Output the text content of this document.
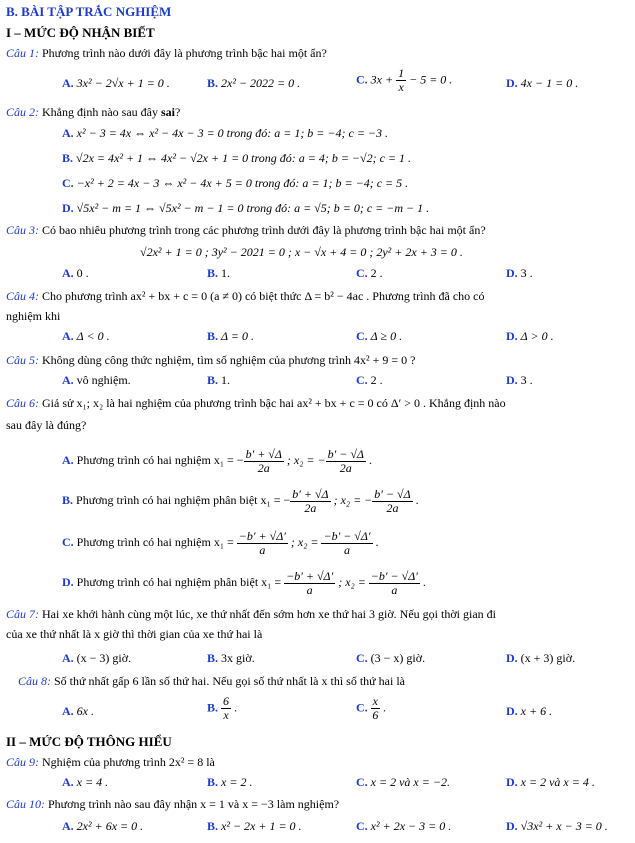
B. BÀI TẬP TRẮC NGHIỆM
I – MỨC ĐỘ NHẬN BIẾT
Câu 1: Phương trình nào dưới đây là phương trình bậc hai một ẩn?
A. 3x² − 2√x + 1 = 0 .	B. 2x² − 2022 = 0 .	C. $3x + \frac{1}{x} - 5 = 0$ .	D. 4x − 1 = 0 .
Câu 2: Khẳng định nào sau đây sai?
A. x² − 3 = 4x ⇔ x² − 4x − 3 = 0 trong đó: a = 1; b = −4; c = −3 .
B. √2x = 4x² + 1 ⇔ 4x² − √2x + 1 = 0 trong đó: a = 4; b = −√2; c = 1 .
C. −x² + 2 = 4x − 3 ⇔ x² − 4x + 5 = 0 trong đó: a = 1; b = −4; c = 5 .
D. √5x² − m = 1 ⇔ √5x² − m − 1 = 0 trong đó: a = √5; b = 0; c = −m − 1 .
Câu 3: Có bao nhiêu phương trình trong các phương trình dưới đây là phương trình bậc hai một ẩn?
√2x² + 1 = 0 ; 3y² − 2021 = 0 ; x − √x + 4 = 0 ; 2y² + 2x + 3 = 0 .
A. 0 .	B. 1.	C. 2 .	D. 3 .
Câu 4: Cho phương trình ax² + bx + c = 0 (a ≠ 0) có biệt thức Δ = b² − 4ac . Phương trình đã cho có
nghiệm khi
A. Δ < 0 .	B. Δ = 0 .	C. Δ ≥ 0 .	D. Δ > 0 .
Câu 5: Không dùng công thức nghiệm, tìm số nghiệm của phương trình 4x² + 9 = 0 ?
A. vô nghiệm.	B. 1.	C. 2 .	D. 3 .
Câu 6: Giả sử x₁; x₂ là hai nghiệm của phương trình bậc hai ax² + bx + c = 0 có Δ′ > 0 . Khẳng định nào
sau đây là đúng?
A. Phương trình có hai nghiệm x₁ = − $\frac{b' + √\Delta}{2a}$ ; x₂ = − $\frac{b' - √\Delta}{2a}$ .
B. Phương trình có hai nghiệm phân biệt x₁ = − $\frac{b' + √\Delta}{2a}$ ; x₂ = − $\frac{b' - √\Delta}{2a}$ .
C. Phương trình có hai nghiệm $x_1 = \frac{-b' + √\Delta'}{a}$ ; $x_2 = \frac{-b' - √\Delta'}{a}$ .
D. Phương trình có hai nghiệm phân biệt $x_1 = \frac{-b' + √\Delta'}{a}$ ; $x_2 = \frac{-b' - √\Delta'}{a}$ .
Câu 7: Hai xe khởi hành cùng một lúc, xe thứ nhất đến sớm hơn xe thứ hai 3 giờ. Nếu gọi thời gian đi
của xe thứ nhất là x giờ thì thời gian của xe thứ hai là
A. (x − 3) giờ.	B. 3x giờ.	C. (3 − x) giờ.	D. (x + 3) giờ.
Câu 8: Số thứ nhất gấp 6 lần số thứ hai. Nếu gọi số thứ nhất là x thì số thứ hai là
A. 6x .	B. $\frac{6}{x}$ .	C. $\frac{x}{6}$ .	D. x + 6 .
II – MỨC ĐỘ THÔNG HIỂU
Câu 9: Nghiệm của phương trình 2x² = 8 là
A. x = 4 .	B. x = 2 .	C. x = 2 và x = −2.	D. x = 2 và x = 4 .
Câu 10: Phương trình nào sau đây nhận x = 1 và x = −3 làm nghiệm?
A. 2x² + 6x = 0 .	B. x² − 2x + 1 = 0 .	C. x² + 2x − 3 = 0 .	D. √3x² + x − 3 = 0 .
